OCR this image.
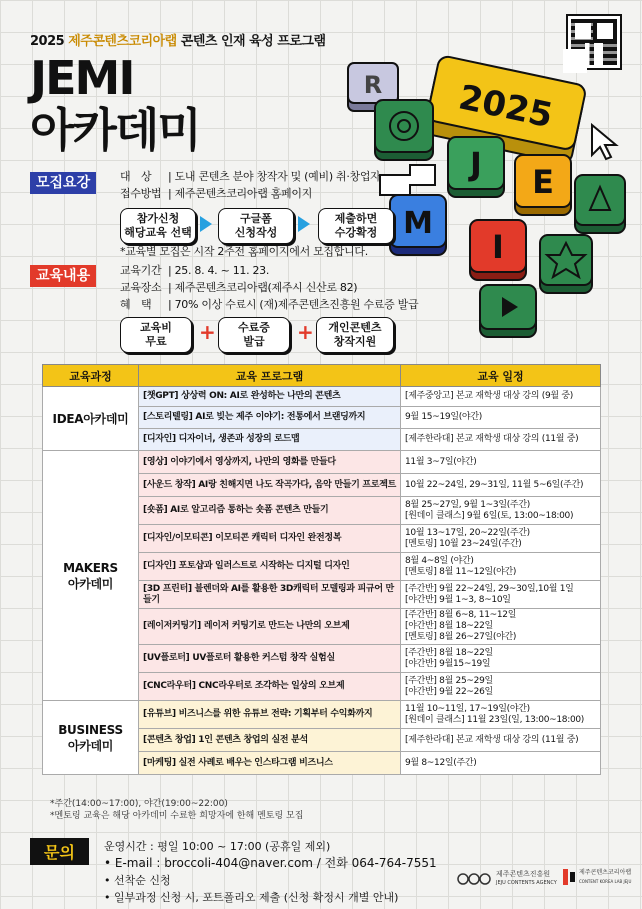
2025 제주콘텐츠코리아랩 콘텐츠 인재 육성 프로그램
JEMI
아카데미	2025
R
J E
M
I
모집요강	대　상 | 도내 콘텐츠 분야 창작자 및 (예비) 취·창업자
접수방법 | 제주콘텐츠코리아랩 홈페이지
참가신청
해당교육 선택
구글폼
신청작성
제출하면
수강확정
*교육별 모집은 시작 2주전 홈페이지에서 모집합니다.
교육내용	교육기간 | 25. 8. 4. ~ 11. 23.
교육장소 | 제주콘텐츠코리아랩(제주시 신산로 82)
혜　택 | 70% 이상 수료시 (재)제주콘텐츠진흥원 수료증 발급
교육비
무료	+	수료증
발급	+	개인콘텐츠
창작지원
교육과정	교육 프로그램	교육 일정
IDEA아카데미	[챗GPT] 상상력 ON: AI로 완성하는 나만의 콘텐츠	[제주중앙고] 본교 재학생 대상 강의 (9월 중)
	[스토리텔링] AI로 빚는 제주 이야기: 전통에서 브랜딩까지	9월 15~19일(야간)
	[디자인] 디자이너, 생존과 성장의 로드맵	[제주한라대] 본교 재학생 대상 강의 (11월 중)
MAKERS
아카데미	[영상] 이야기에서 영상까지, 나만의 영화를 만들다	11월 3~7일(야간)
	[사운드 창작] AI랑 친해지면 나도 작곡가다, 음악 만들기 프로젝트	10월 22~24일, 29~31일, 11월 5~6일(주간)
	[숏폼] AI로 알고리즘 통하는 숏폼 콘텐츠 만들기	8월 25~27일, 9월 1~3일(주간)
[원데이 클래스] 9월 6일(토, 13:00~18:00)
	[디자인/이모티콘] 이모티콘 캐릭터 디자인 완전정복	10월 13~17일, 20~22일(주간)
[멘토링] 10월 23~24일(주간)
	[디자인] 포토샵과 일러스트로 시작하는 디지털 디자인	8월 4~8일 (야간)
[멘토링] 8월 11~12일(야간)
	[3D 프린터] 블렌더와 AI를 활용한 3D캐릭터 모델링과 피규어 만들기	[주간반] 9월 22~24일, 29~30일,10월 1일
[야간반] 9월 1~3, 8~10일
	[레이저커팅기] 레이저 커팅기로 만드는 나만의 오브제	[주간반] 8월 6~8, 11~12일
[야간반] 8월 18~22일
[멘토링] 8월 26~27일(야간)
	[UV플로터] UV플로터 활용한 커스텀 창작 실험실	[주간반] 8월 18~22일
[야간반] 9월15~19일
	[CNC라우터] CNC라우터로 조각하는 일상의 오브제	[주간반] 8월 25~29일
[야간반] 9월 22~26일
BUSINESS
아카데미	[유튜브] 비즈니스를 위한 유튜브 전략: 기획부터 수익화까지	11월 10~11일, 17~19일(야간)
[원데이 클래스] 11월 23일(일, 13:00~18:00)
	[콘텐츠 창업] 1인 콘텐츠 창업의 실전 분석	[제주한라대] 본교 재학생 대상 강의 (11월 중)
	[마케팅] 실전 사례로 배우는 인스타그램 비즈니스	9월 8~12일(주간)
*주간(14:00~17:00), 야간(19:00~22:00)
*멘토링 교육은 해당 아카데미 수료한 희망자에 한해 멘토링 모집
문의	운영시간 : 평일 10:00 ~ 17:00 (공휴일 제외)
• E-mail : broccoli-404@naver.com / 전화 064-764-7551
• 선착순 신청
• 일부과정 신청 시, 포트폴리오 제출 (신청 확정시 개별 안내)
제주콘텐츠진흥원
JEJU CONTENTS AGENCY
제주콘텐츠코리아랩
CONTENT KOREA LAB JEJU
